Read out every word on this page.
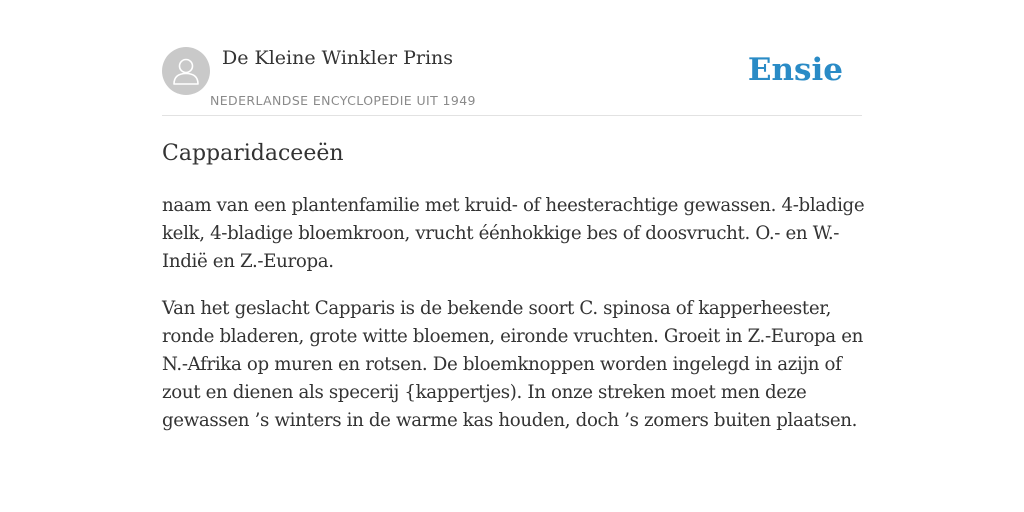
De Kleine Winkler Prins
NEDERLANDSE ENCYCLOPEDIE UIT 1949
Ensie
Capparidaceeën

naam van een plantenfamilie met kruid- of heesterachtige gewassen. 4-bladige kelk, 4-bladige bloemkroon, vrucht éénhokkige bes of doosvrucht. O.- en W.-Indië en Z.-Europa.

Van het geslacht Capparis is de bekende soort C. spinosa of kapperheester, ronde bladeren, grote witte bloemen, eironde vruchten. Groeit in Z.-Europa en N.-Afrika op muren en rotsen. De bloemknoppen worden ingelegd in azijn of zout en dienen als specerij {kappertjes). In onze streken moet men deze gewassen ’s winters in de warme kas houden, doch ’s zomers buiten plaatsen.
